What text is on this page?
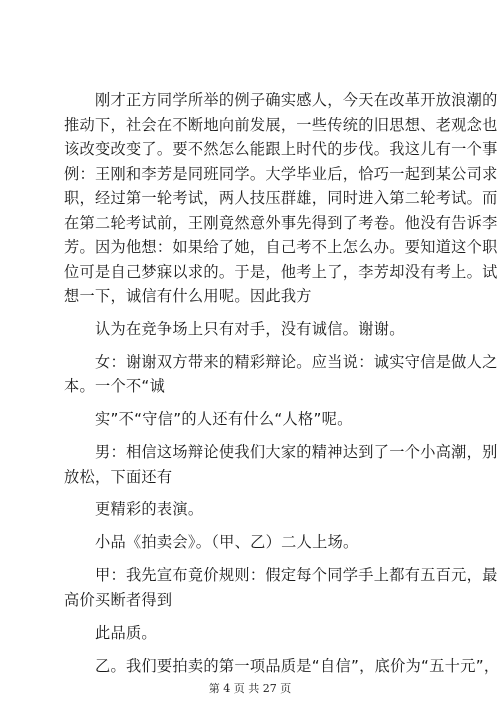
　　刚才正方同学所举的例子确实感人，今天在改革开放浪潮的

推动下，社会在不断地向前发展，一些传统的旧思想、老观念也

该改变改变了。要不然怎么能跟上时代的步伐。我这儿有一个事

例：王刚和李芳是同班同学。大学毕业后，恰巧一起到某公司求

职，经过第一轮考试，两人技压群雄，同时进入第二轮考试。而

在第二轮考试前，王刚竟然意外事先得到了考卷。他没有告诉李

芳。因为他想：如果给了她，自己考不上怎么办。要知道这个职

位可是自己梦寐以求的。于是，他考上了，李芳却没有考上。试

想一下，诚信有什么用呢。因此我方

　　认为在竞争场上只有对手，没有诚信。谢谢。

　　女：谢谢双方带来的精彩辩论。应当说：诚实守信是做人之

本。一个不“诚

　　实”不“守信”的人还有什么“人格”呢。

　　男：相信这场辩论使我们大家的精神达到了一个小高潮，别

放松，下面还有

　　更精彩的表演。

　　小品《拍卖会》。（甲、乙）二人上场。

　　甲：我先宣布竟价规则：假定每个同学手上都有五百元，最

高价买断者得到

　　此品质。

　　乙。我们要拍卖的第一项品质是“自信”，底价为“五十元”，

第 4 页 共 27 页
